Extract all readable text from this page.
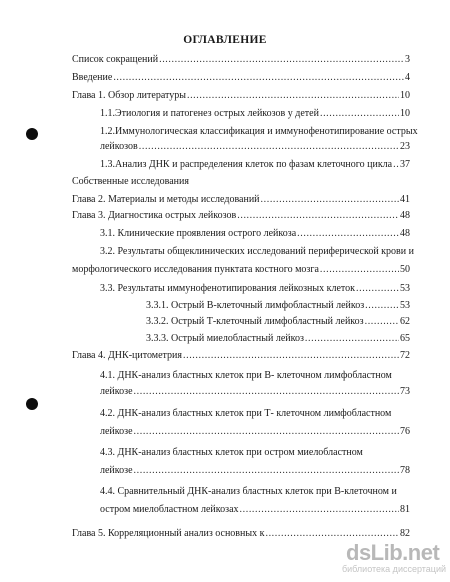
ОГЛАВЛЕНИЕ
Список сокращений .....	3
Введение .....	4
Глава 1. Обзор литературы .....	10
1.1.Этиология и патогенез острых лейкозов у детей .....	10
1.2.Иммунологическая классификация и иммунофенотипирование острых
лейкозов .....	23
1.3.Анализ ДНК и распределения клеток по фазам клеточного цикла ..... 37
Собственные исследования
Глава 2. Материалы и методы исследований .....	41
Глава 3. Диагностика острых лейкозов .....	48
3.1. Клинические проявления острого лейкоза .....	48
3.2. Результаты общеклинических исследований периферической крови и
морфологического исследования пунктата костного мозга .....	50
3.3. Результаты иммунофенотипирования лейкозных клеток .....	53
3.3.1. Острый В-клеточный лимфобластный лейкоз .....	53
3.3.2. Острый Т-клеточный лимфобластный лейкоз .....	62
3.3.3. Острый миелобластный лейкоз .....	65
Глава 4. ДНК-цитометрия .....	72
4.1. ДНК-анализ бластных клеток при В- клеточном лимфобластном
лейкозе .....	73
4.2. ДНК-анализ бластных клеток при Т- клеточном лимфобластном
лейкозе .....	76
4.3. ДНК-анализ бластных клеток при остром миелобластном
лейкозе .....	78
4.4. Сравнительный ДНК-анализ бластных клеток при В-клеточном и
остром миелобластном лейкозах .....	81
Глава 5. Корреляционный анализ основных к .....	82
dsLib.net
библиотека диссертаций
